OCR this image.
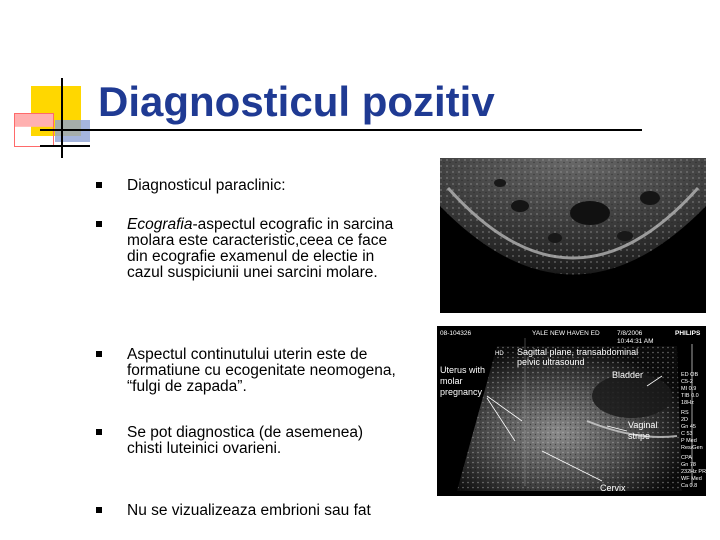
Diagnosticul pozitiv
Diagnosticul paraclinic:
Ecografia-aspectul ecografic in sarcina molara este caracteristic,ceea ce face din ecografie examenul de electie in cazul suspiciunii unei sarcini molare.
Aspectul continutului uterin este de formatiune cu ecogenitate neomogena, “fulgi de zapada”.
Se pot diagnostica (de asemenea) chisti luteinici ovarieni.
Nu se vizualizeaza embrioni sau fat
08-104326	YALE NEW HAVEN ED	7/8/2006
10:44:31 AM
PHILIPS
HD Sagittal plane, transabdominal
pelvic ultrasound
Uterus with
molar
pregnancy
Bladder
Vaginal
stripe
Cervix
ED OB
C5-2
MI 0.9
TIB 0.0
18Hz
RS
2D
Gn 45
C 53
P Med
Res/Gen
CPA
Gn 78
232Hz PRF
WF Med
Ca 0.8
